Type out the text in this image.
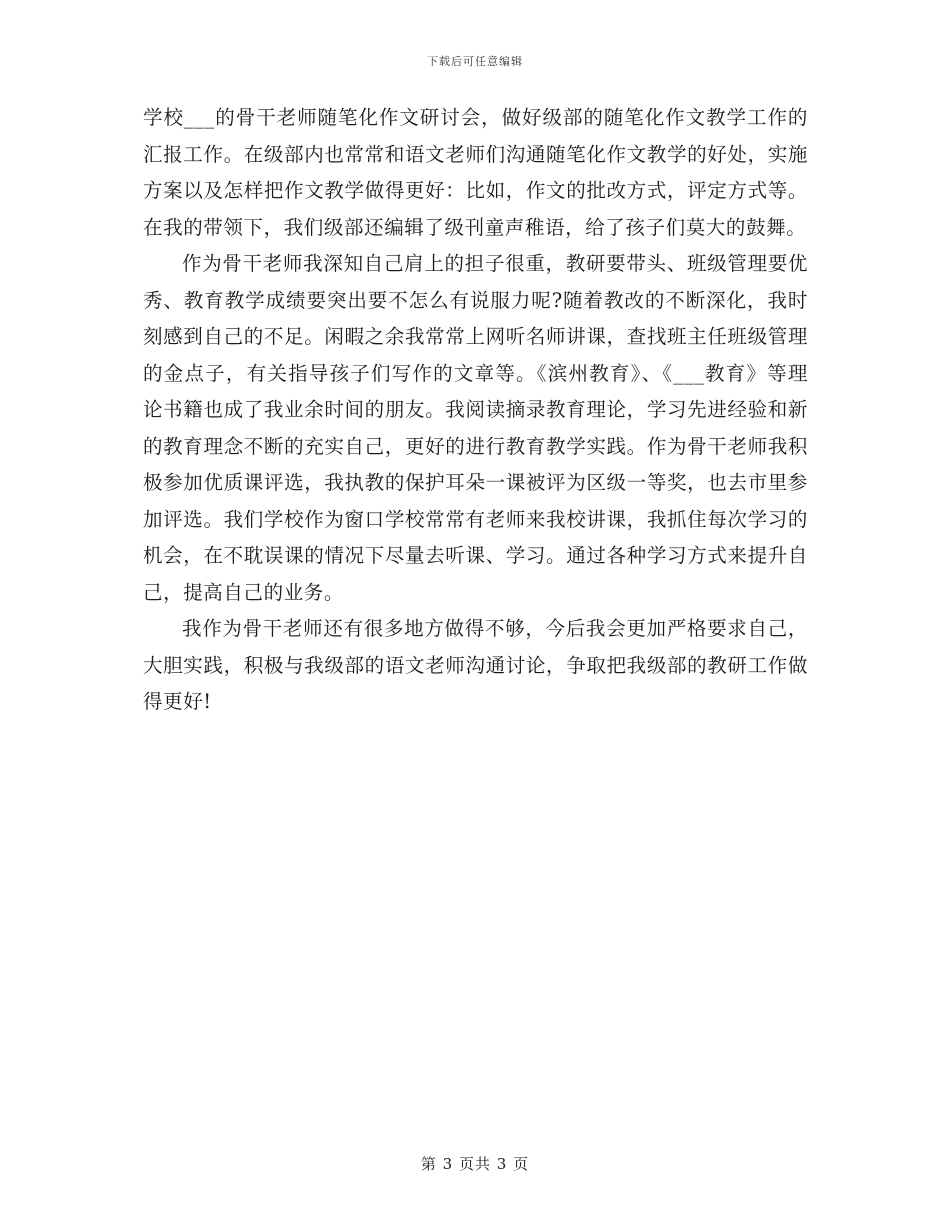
下载后可任意编辑

学校___的骨干老师随笔化作文研讨会，做好级部的随笔化作文教学工作的汇报工作。在级部内也常常和语文老师们沟通随笔化作文教学的好处，实施方案以及怎样把作文教学做得更好：比如，作文的批改方式，评定方式等。在我的带领下，我们级部还编辑了级刊童声稚语，给了孩子们莫大的鼓舞。

作为骨干老师我深知自己肩上的担子很重，教研要带头、班级管理要优秀、教育教学成绩要突出要不怎么有说服力呢?随着教改的不断深化，我时刻感到自己的不足。闲暇之余我常常上网听名师讲课，查找班主任班级管理的金点子，有关指导孩子们写作的文章等。《滨州教育》、《___教育》等理论书籍也成了我业余时间的朋友。我阅读摘录教育理论，学习先进经验和新的教育理念不断的充实自己，更好的进行教育教学实践。作为骨干老师我积极参加优质课评选，我执教的保护耳朵一课被评为区级一等奖，也去市里参加评选。我们学校作为窗口学校常常有老师来我校讲课，我抓住每次学习的机会，在不耽误课的情况下尽量去听课、学习。通过各种学习方式来提升自己，提高自己的业务。

我作为骨干老师还有很多地方做得不够，今后我会更加严格要求自己，大胆实践，积极与我级部的语文老师沟通讨论，争取把我级部的教研工作做得更好!

第 3 页共 3 页
